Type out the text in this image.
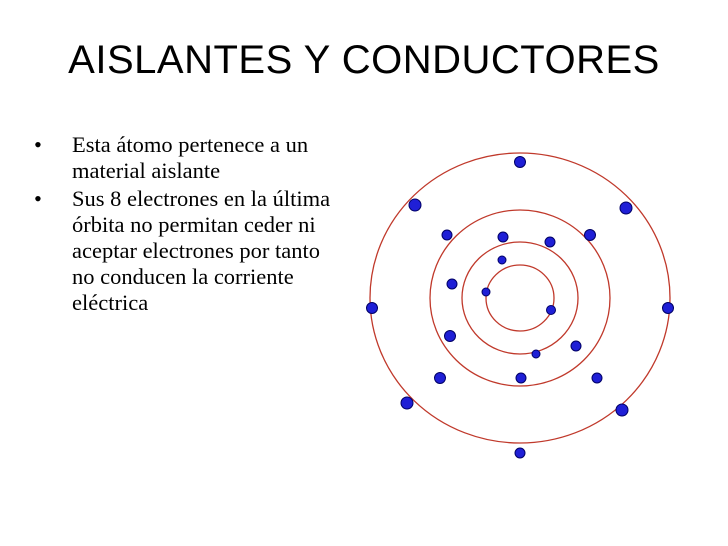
AISLANTES Y CONDUCTORES
•	Esta átomo pertenece a un material aislante
•	Sus 8 electrones en la última órbita no permitan ceder ni aceptar electrones por tanto no conducen la corriente eléctrica
